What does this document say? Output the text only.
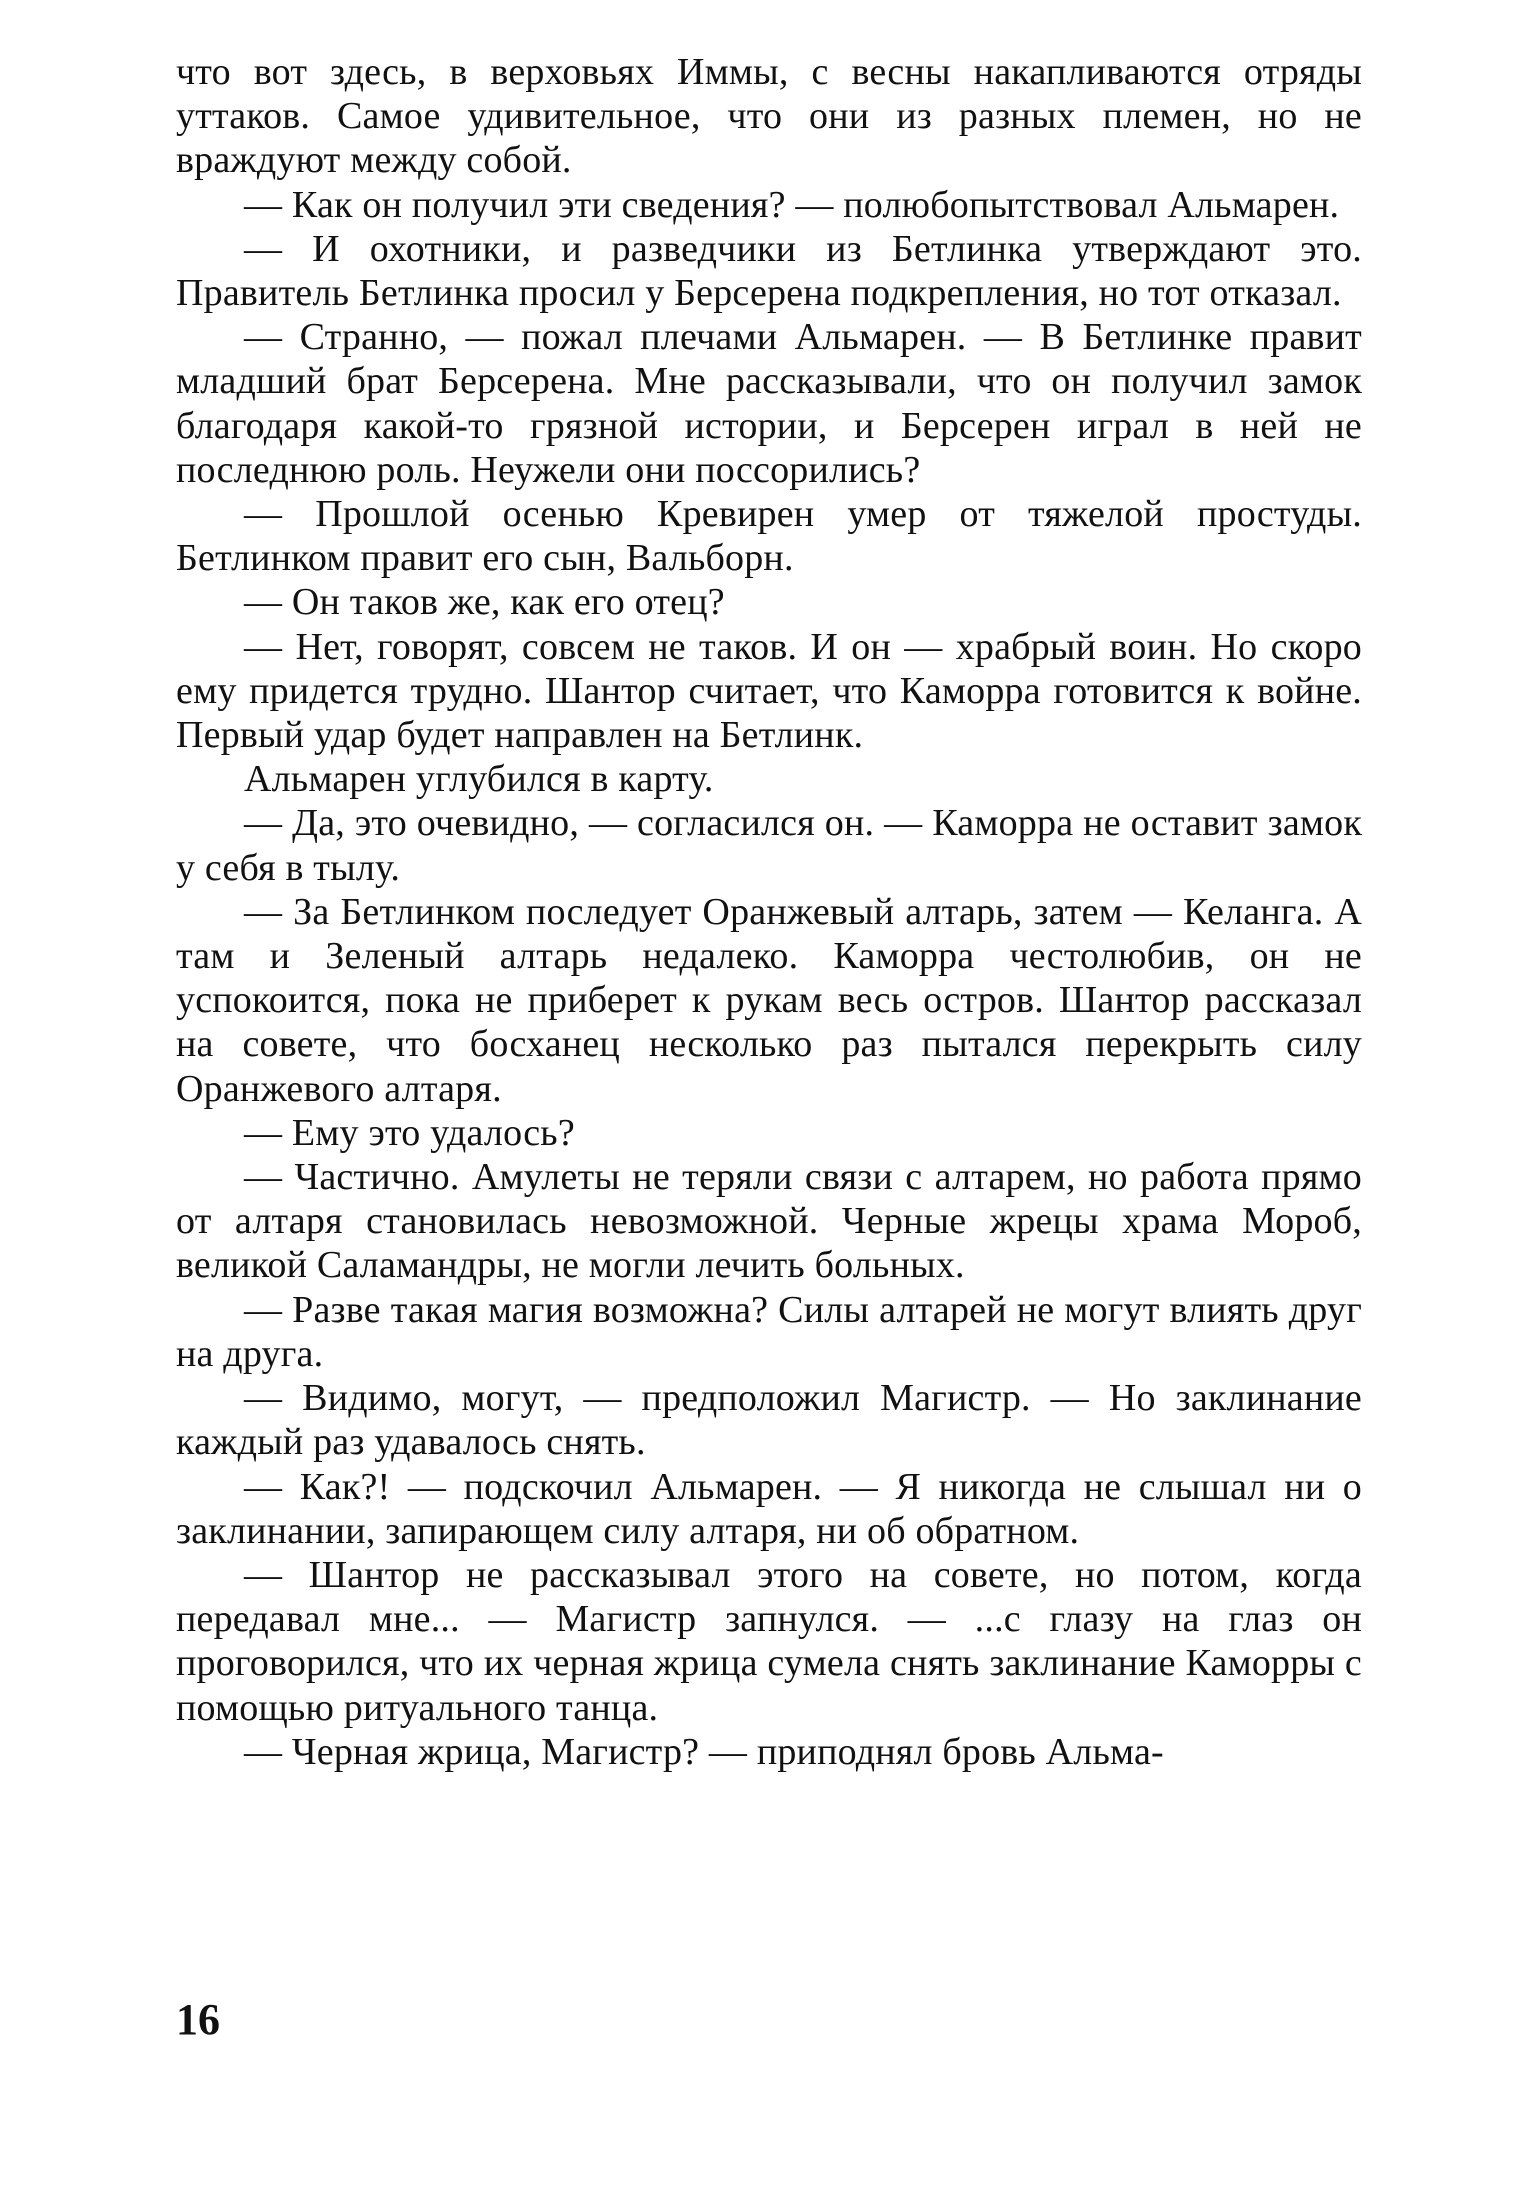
что вот здесь, в верховьях Иммы, с весны накапливаются отряды уттаков. Самое удивительное, что они из разных племен, но не враждуют между собой.

— Как он получил эти сведения? — полюбопытствовал Альмарен.

— И охотники, и разведчики из Бетлинка утверждают это. Правитель Бетлинка просил у Берсерена подкрепления, но тот отказал.

— Странно, — пожал плечами Альмарен. — В Бетлинке правит младший брат Берсерена. Мне рассказывали, что он получил замок благодаря какой-то грязной истории, и Берсерен играл в ней не последнюю роль. Неужели они поссорились?

— Прошлой осенью Кревирен умер от тяжелой простуды. Бетлинком правит его сын, Вальборн.

— Он таков же, как его отец?

— Нет, говорят, совсем не таков. И он — храбрый воин. Но скоро ему придется трудно. Шантор считает, что Каморра готовится к войне. Первый удар будет направлен на Бетлинк.

Альмарен углубился в карту.

— Да, это очевидно, — согласился он. — Каморра не оставит замок у себя в тылу.

— За Бетлинком последует Оранжевый алтарь, затем — Келанга. А там и Зеленый алтарь недалеко. Каморра честолюбив, он не успокоится, пока не приберет к рукам весь остров. Шантор рассказал на совете, что босханец несколько раз пытался перекрыть силу Оранжевого алтаря.

— Ему это удалось?

— Частично. Амулеты не теряли связи с алтарем, но работа прямо от алтаря становилась невозможной. Черные жрецы храма Мороб, великой Саламандры, не могли лечить больных.

— Разве такая магия возможна? Силы алтарей не могут влиять друг на друга.

— Видимо, могут, — предположил Магистр. — Но заклинание каждый раз удавалось снять.

— Как?! — подскочил Альмарен. — Я никогда не слышал ни о заклинании, запирающем силу алтаря, ни об обратном.

— Шантор не рассказывал этого на совете, но потом, когда передавал мне... — Магистр запнулся. — ...с глазу на глаз он проговорился, что их черная жрица сумела снять заклинание Каморры с помощью ритуального танца.

— Черная жрица, Магистр? — приподнял бровь Альма-

16
